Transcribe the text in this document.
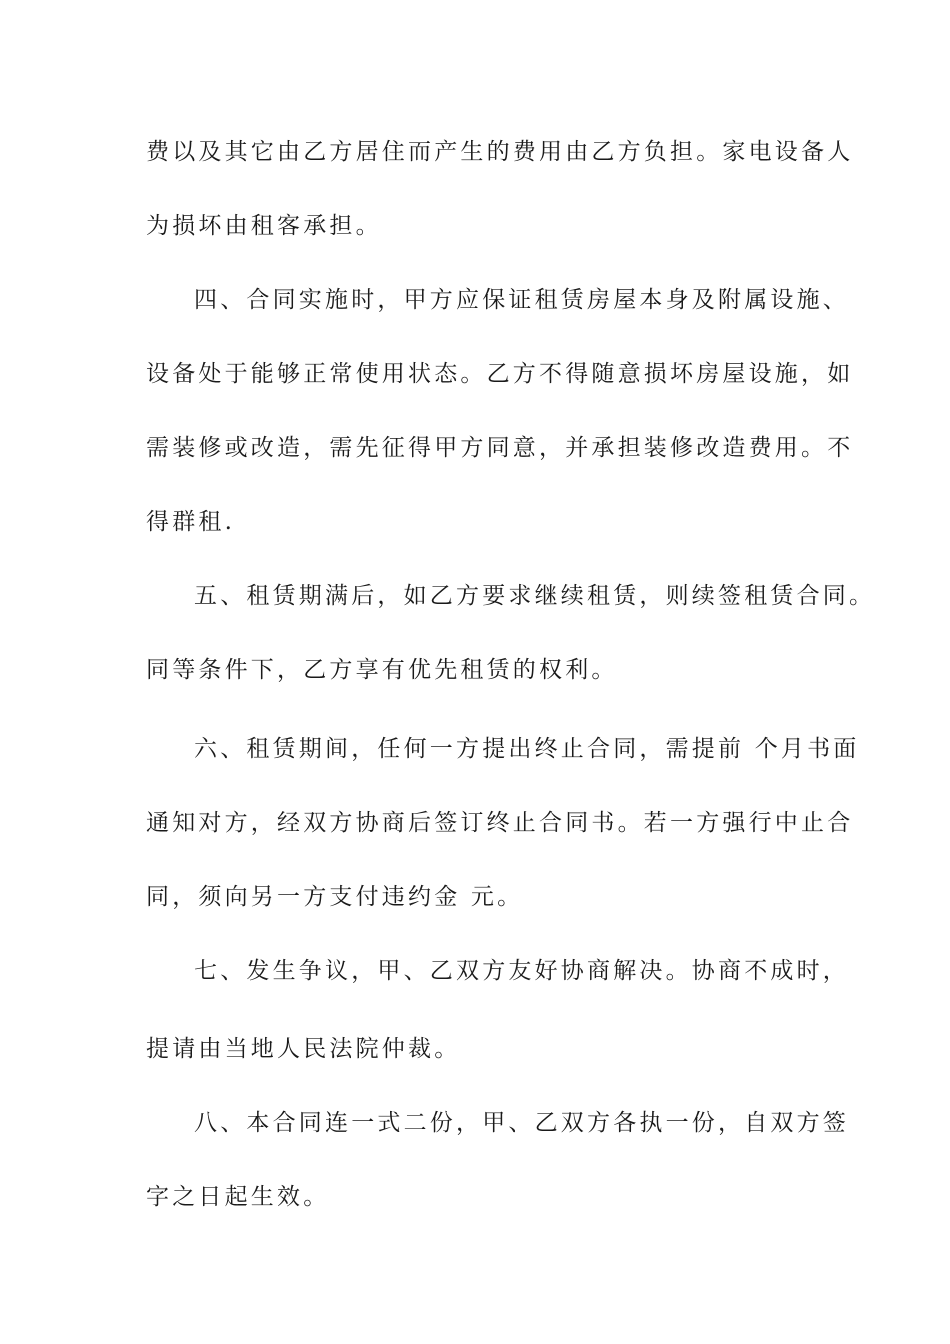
费以及其它由乙方居住而产生的费用由乙方负担。家电设备人
为损坏由租客承担。
四、合同实施时，甲方应保证租赁房屋本身及附属设施、
设备处于能够正常使用状态。乙方不得随意损坏房屋设施，如
需装修或改造，需先征得甲方同意，并承担装修改造费用。不
得群租.
五、租赁期满后，如乙方要求继续租赁，则续签租赁合同。
同等条件下，乙方享有优先租赁的权利。
六、租赁期间，任何一方提出终止合同，需提前 个月书面
通知对方，经双方协商后签订终止合同书。若一方强行中止合
同，须向另一方支付违约金 元。
七、发生争议，甲、乙双方友好协商解决。协商不成时，
提请由当地人民法院仲裁。
八、本合同连一式二份，甲、乙双方各执一份，自双方签
字之日起生效。
